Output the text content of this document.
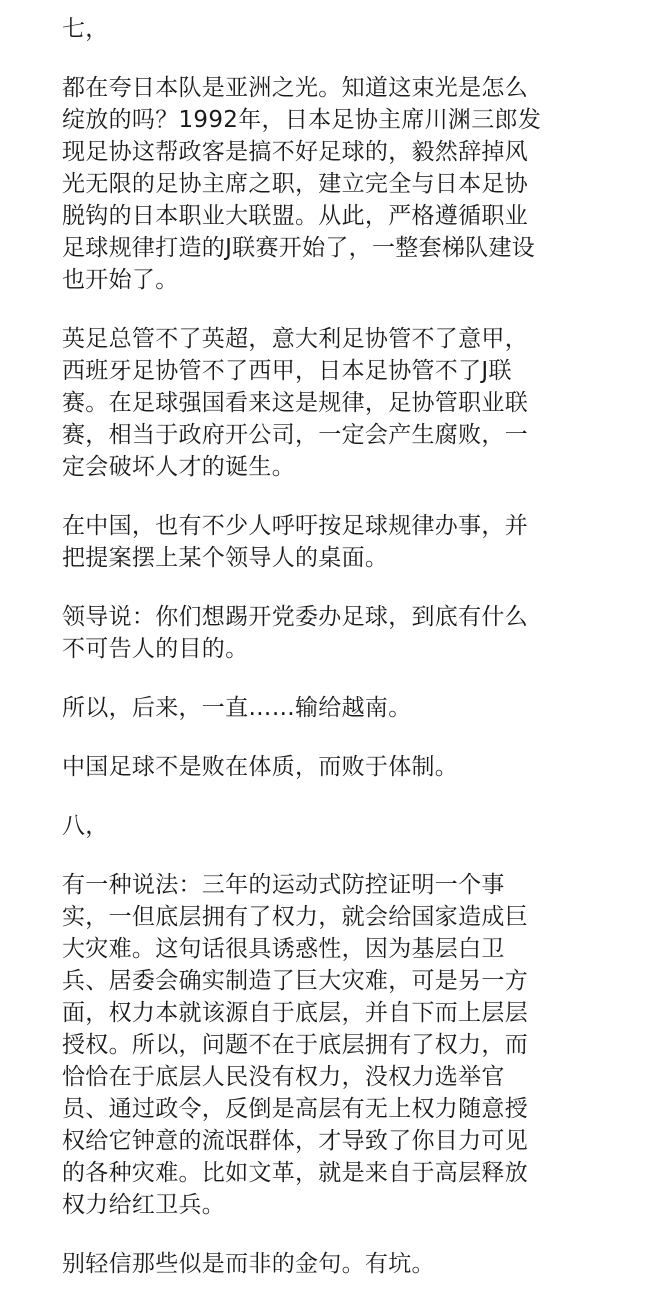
七，

都在夸日本队是亚洲之光。知道这束光是怎么
绽放的吗？1992年，日本足协主席川渊三郎发
现足协这帮政客是搞不好足球的，毅然辞掉风
光无限的足协主席之职，建立完全与日本足协
脱钩的日本职业大联盟。从此，严格遵循职业
足球规律打造的J联赛开始了，一整套梯队建设
也开始了。

英足总管不了英超，意大利足协管不了意甲，
西班牙足协管不了西甲，日本足协管不了J联
赛。在足球强国看来这是规律，足协管职业联
赛，相当于政府开公司，一定会产生腐败，一
定会破坏人才的诞生。

在中国，也有不少人呼吁按足球规律办事，并
把提案摆上某个领导人的桌面。

领导说：你们想踢开党委办足球，到底有什么
不可告人的目的。

所以，后来，一直……输给越南。

中国足球不是败在体质，而败于体制。

八，

有一种说法：三年的运动式防控证明一个事
实，一但底层拥有了权力，就会给国家造成巨
大灾难。这句话很具诱惑性，因为基层白卫
兵、居委会确实制造了巨大灾难，可是另一方
面，权力本就该源自于底层，并自下而上层层
授权。所以，问题不在于底层拥有了权力，而
恰恰在于底层人民没有权力，没权力选举官
员、通过政令，反倒是高层有无上权力随意授
权给它钟意的流氓群体，才导致了你目力可见
的各种灾难。比如文革，就是来自于高层释放
权力给红卫兵。

别轻信那些似是而非的金句。有坑。
